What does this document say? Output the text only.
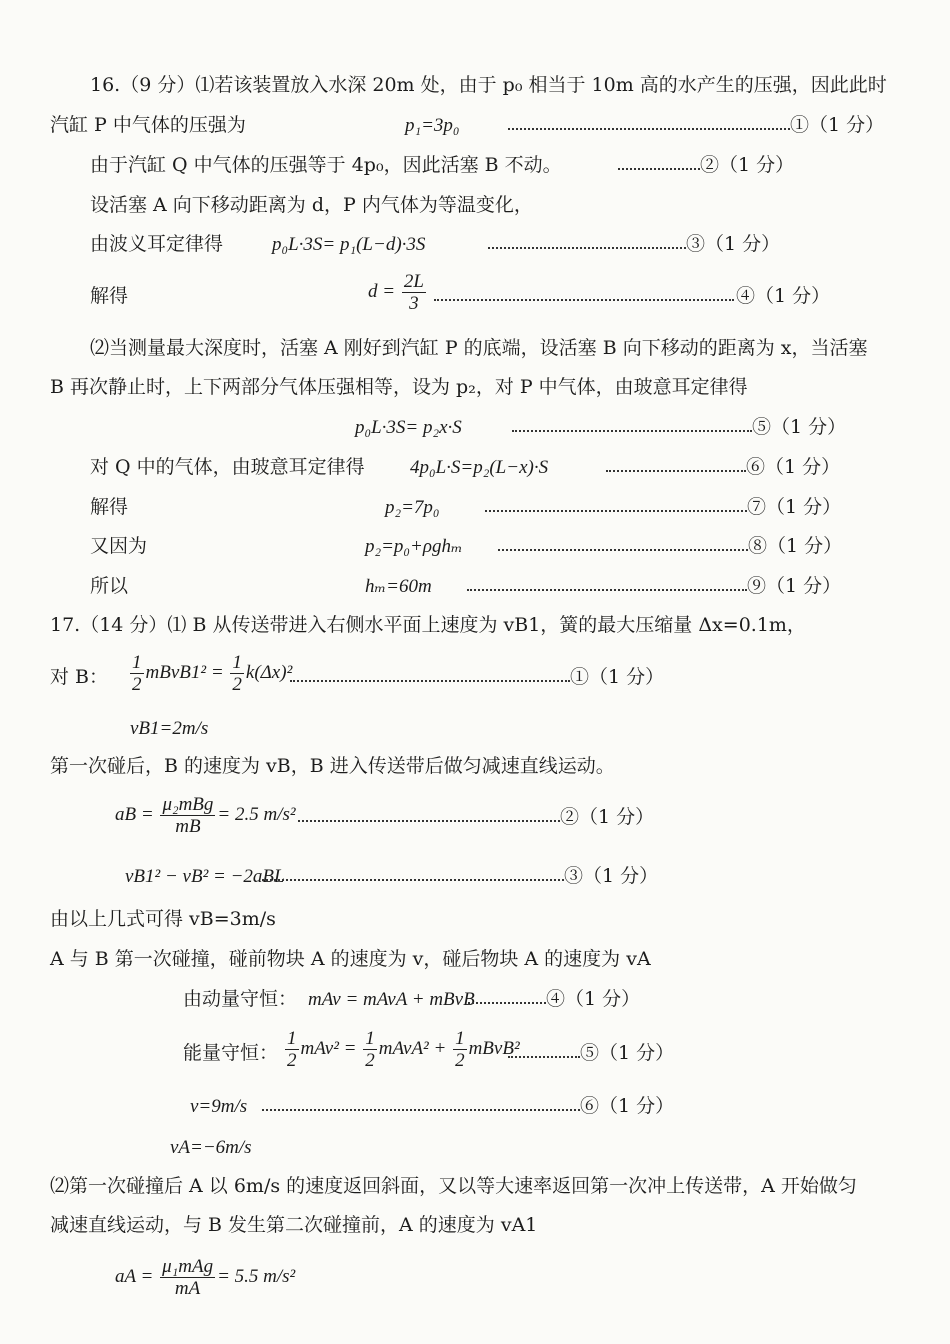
16.（9 分）⑴若该装置放入水深 20m 处，由于 p₀ 相当于 10m 高的水产生的压强，因此此时
汽缸 P 中气体的压强为	p₁=3p₀	①（1 分）
由于汽缸 Q 中气体的压强等于 4p₀，因此活塞 B 不动。	②（1 分）
设活塞 A 向下移动距离为 d，P 内气体为等温变化，
由波义耳定律得	p₀L·3S= p₁(L−d)·3S	③（1 分）
解得	$d = \frac{2L}{3}$	④（1 分）
⑵当测量最大深度时，活塞 A 刚好到汽缸 P 的底端，设活塞 B 向下移动的距离为 x，当活塞
B 再次静止时，上下两部分气体压强相等，设为 p₂，对 P 中气体，由玻意耳定律得
p₀L·3S= p₂x·S	⑤（1 分）
对 Q 中的气体，由玻意耳定律得 4p₀L·S=p₂(L−x)·S	⑥（1 分）
解得	p₂=7p₀	⑦（1 分）
又因为	p₂=p₀+ρghₘ	⑧（1 分）
所以	hₘ=60m	⑨（1 分）
17.（14 分）⑴ B 从传送带进入右侧水平面上速度为 vB1，簧的最大压缩量 Δx=0.1m，
对 B： $\frac{1}{2}$ mBvB1² = $\frac{1}{2} k(\Delta x)^2$	①（1 分）
vB1=2m/s
第一次碰后，B 的速度为 vB，B 进入传送带后做匀减速直线运动。
aB = $\frac{\text{μ₂mBg}}{mB} = 2.5$ m/s²	②（1 分）
vB1² − vB² = −2aBL	③（1 分）
由以上几式可得 vB=3m/s
A 与 B 第一次碰撞，碰前物块 A 的速度为 v，碰后物块 A 的速度为 vA
由动量守恒： mAv = mAvA + mBvB	④（1 分）
能量守恒： $\frac{1}{2} mAv^2 = \frac{1}{2}$ mAvA² + $\frac{1}{2}$ mBvB²	⑤（1 分）
v=9m/s	⑥（1 分）
vA=−6m/s
⑵第一次碰撞后 A 以 6m/s 的速度返回斜面，又以等大速率返回第一次冲上传送带，A 开始做匀
减速直线运动，与 B 发生第二次碰撞前，A 的速度为 vA1
aA = $\frac{\text{μ₁mAg}}{mA} = 5.5$ m/s²
